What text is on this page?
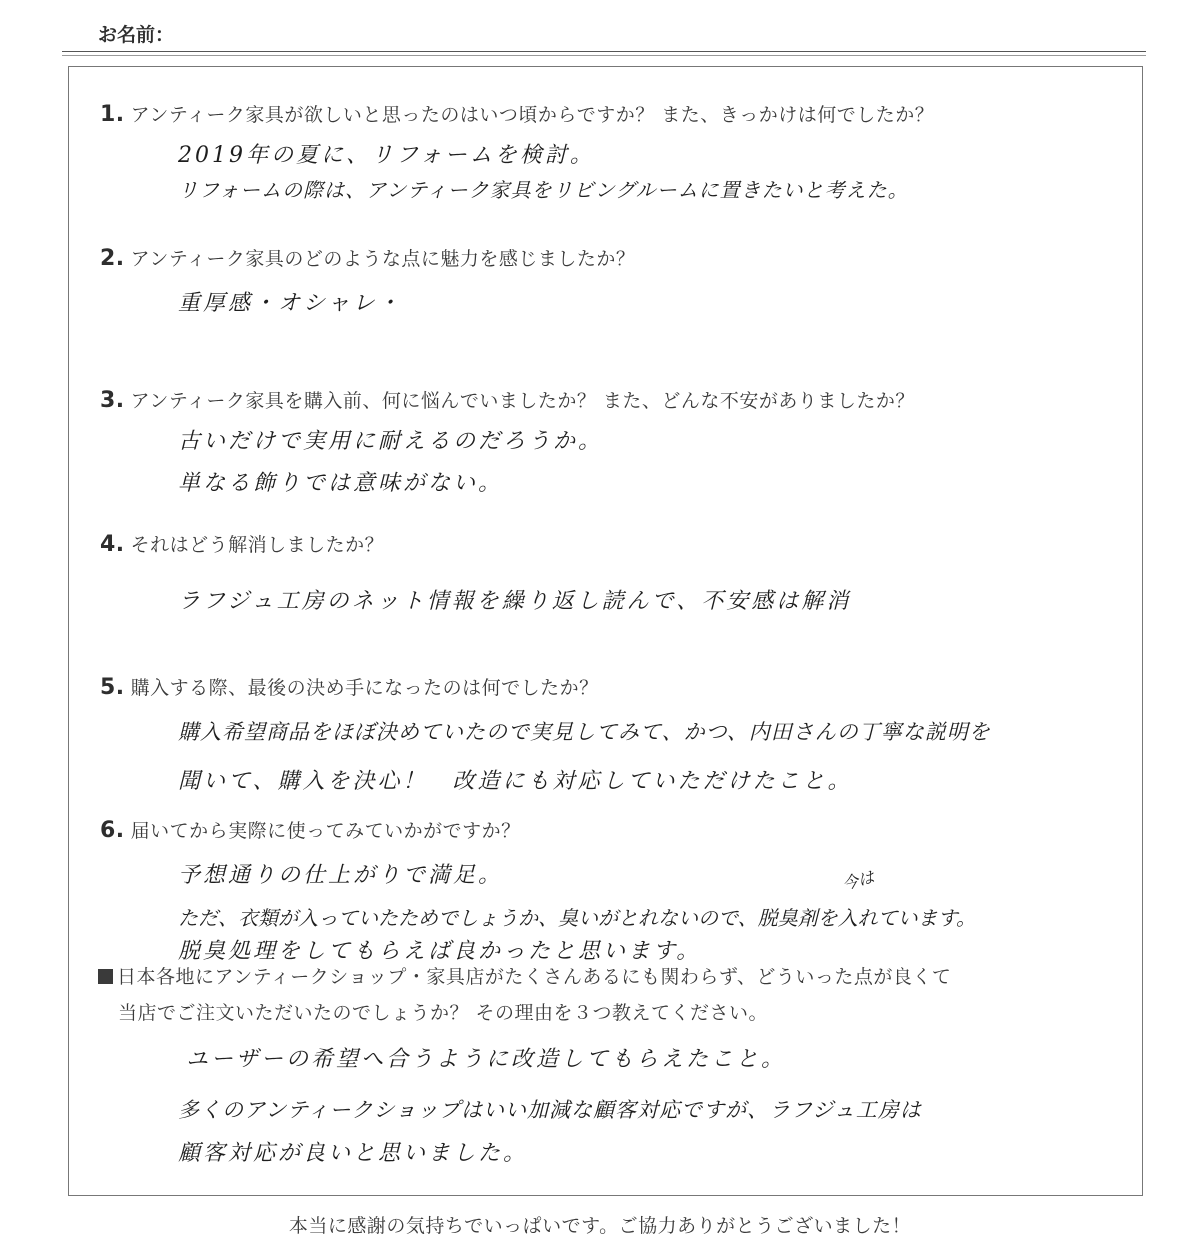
お名前：
1. アンティーク家具が欲しいと思ったのはいつ頃からですか？ また、きっかけは何でしたか？
2019年の夏に、リフォームを検討。
リフォームの際は、アンティーク家具をリビングルームに置きたいと考えた。
2. アンティーク家具のどのような点に魅力を感じましたか？
重厚感・オシャレ・
3. アンティーク家具を購入前、何に悩んでいましたか？ また、どんな不安がありましたか？
古いだけで実用に耐えるのだろうか。
単なる飾りでは意味がない。
4. それはどう解消しましたか？
ラフジュ工房のネット情報を繰り返し読んで、不安感は解消
5. 購入する際、最後の決め手になったのは何でしたか？
購入希望商品をほぼ決めていたので実見してみて、かつ、内田さんの丁寧な説明を
聞いて、購入を決心！　改造にも対応していただけたこと。
6. 届いてから実際に使ってみていかがですか？
予想通りの仕上がりで満足。	今は
ただ、衣類が入っていたためでしょうか、臭いがとれないので、脱臭剤を入れています。
脱臭処理をしてもらえば良かったと思います。
日本各地にアンティークショップ・家具店がたくさんあるにも関わらず、どういった点が良くて
当店でご注文いただいたのでしょうか？ その理由を３つ教えてください。
ユーザーの希望へ合うように改造してもらえたこと。
多くのアンティークショップはいい加減な顧客対応ですが、ラフジュ工房は
顧客対応が良いと思いました。
本当に感謝の気持ちでいっぱいです。ご協力ありがとうございました！
